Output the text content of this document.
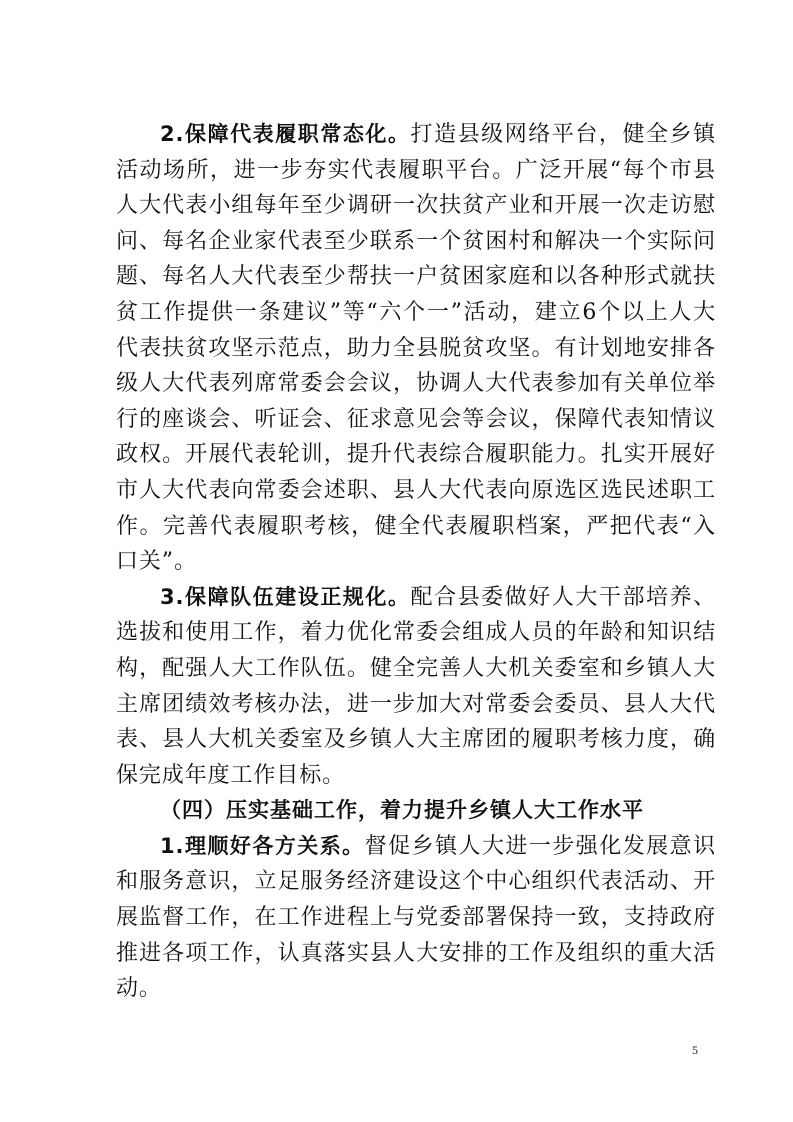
2.保障代表履职常态化。打造县级网络平台，健全乡镇活动场所，进一步夯实代表履职平台。广泛开展“每个市县人大代表小组每年至少调研一次扶贫产业和开展一次走访慰问、每名企业家代表至少联系一个贫困村和解决一个实际问题、每名人大代表至少帮扶一户贫困家庭和以各种形式就扶贫工作提供一条建议”等“六个一”活动，建立6个以上人大代表扶贫攻坚示范点，助力全县脱贫攻坚。有计划地安排各级人大代表列席常委会会议，协调人大代表参加有关单位举行的座谈会、听证会、征求意见会等会议，保障代表知情议政权。开展代表轮训，提升代表综合履职能力。扎实开展好市人大代表向常委会述职、县人大代表向原选区选民述职工作。完善代表履职考核，健全代表履职档案，严把代表“入口关”。

3.保障队伍建设正规化。配合县委做好人大干部培养、选拔和使用工作，着力优化常委会组成人员的年龄和知识结构，配强人大工作队伍。健全完善人大机关委室和乡镇人大主席团绩效考核办法，进一步加大对常委会委员、县人大代表、县人大机关委室及乡镇人大主席团的履职考核力度，确保完成年度工作目标。

（四）压实基础工作，着力提升乡镇人大工作水平

1.理顺好各方关系。督促乡镇人大进一步强化发展意识和服务意识，立足服务经济建设这个中心组织代表活动、开展监督工作，在工作进程上与党委部署保持一致，支持政府推进各项工作，认真落实县人大安排的工作及组织的重大活动。

5
